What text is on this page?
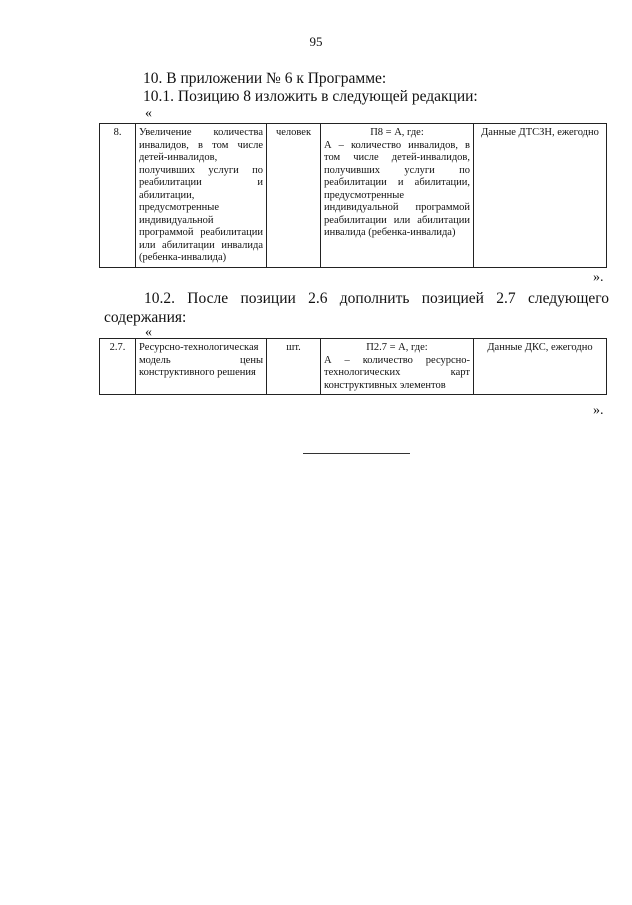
95
10. В приложении № 6 к Программе:
10.1. Позицию 8 изложить в следующей редакции:
«
8.	Увеличение количества инвалидов, в том числе детей-инвалидов, получивших услуги по реабилитации и абилитации, предусмотренные индивидуальной программой реабилитации или абилитации инвалида (ребенка-инвалида)	человек	П8 = А, где:
А – количество инвалидов, в том числе детей-инвалидов, получивших услуги по реабилитации и абилитации, предусмотренные индивидуальной программой реабилитации или абилитации инвалида (ребенка-инвалида)	Данные ДТСЗН, ежегодно
».
10.2. После позиции 2.6 дополнить позицией 2.7 следующего
содержания:
«
2.7.	Ресурсно-технологическая модель цены конструктивного решения	шт.	П2.7 = А, где:
А – количество ресурсно-технологических карт конструктивных элементов	Данные ДКС, ежегодно
».
